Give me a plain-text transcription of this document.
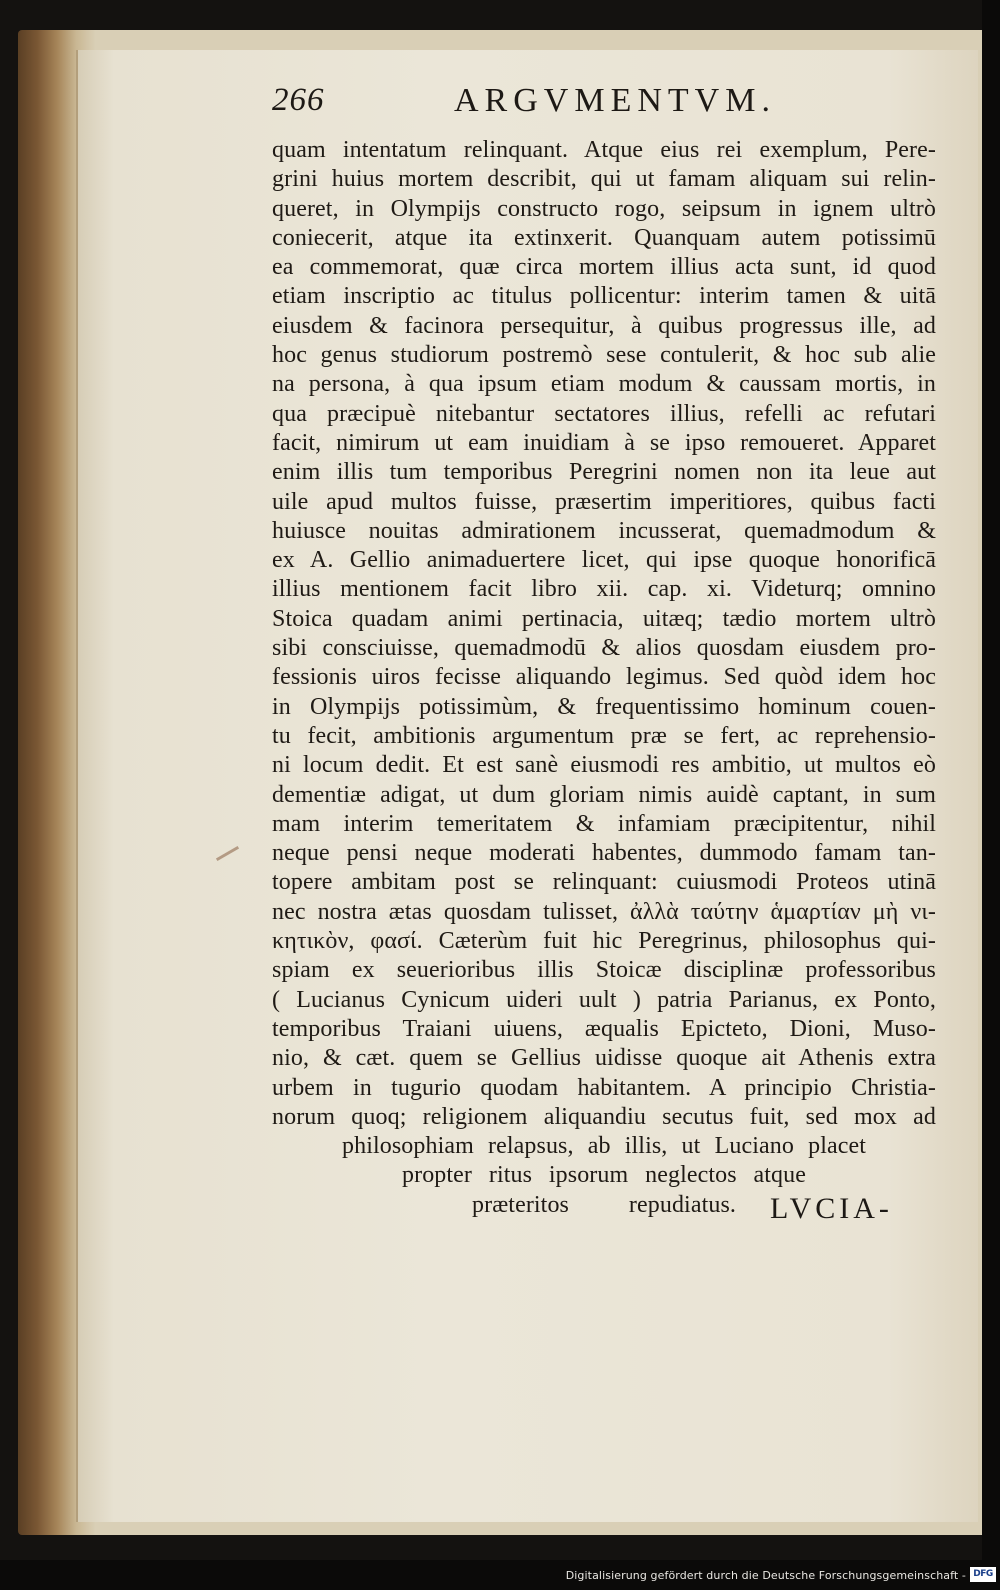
266	ARGVMENTVM.
quam intentatum relinquant. Atque eius rei exemplum, Pere-
grini huius mortem describit, qui ut famam aliquam sui relin-
queret, in Olympijs constructo rogo, seipsum in ignem ultrò
coniecerit, atque ita extinxerit. Quanquam autem potissimū
ea commemorat, quæ circa mortem illius acta sunt, id quod
etiam inscriptio ac titulus pollicentur: interim tamen & uitā
eiusdem & facinora persequitur, à quibus progressus ille, ad
hoc genus studiorum postremò sese contulerit, & hoc sub alie
na persona, à qua ipsum etiam modum & caussam mortis, in
qua præcipuè nitebantur sectatores illius, refelli ac refutari
facit, nimirum ut eam inuidiam à se ipso remoueret. Apparet
enim illis tum temporibus Peregrini nomen non ita leue aut
uile apud multos fuisse, præsertim imperitiores, quibus facti
huiusce nouitas admirationem incusserat, quemadmodum &
ex A. Gellio animaduertere licet, qui ipse quoque honorificā
illius mentionem facit libro xii. cap. xi. Videturq; omnino
Stoica quadam animi pertinacia, uitæq; tædio mortem ultrò
sibi consciuisse, quemadmodū & alios quosdam eiusdem pro-
fessionis uiros fecisse aliquando legimus. Sed quòd idem hoc
in Olympijs potissimùm, & frequentissimo hominum couen-
tu fecit, ambitionis argumentum præ se fert, ac reprehensio-
ni locum dedit. Et est sanè eiusmodi res ambitio, ut multos eò
dementiæ adigat, ut dum gloriam nimis auidè captant, in sum
mam interim temeritatem & infamiam præcipitentur, nihil
neque pensi neque moderati habentes, dummodo famam tan-
topere ambitam post se relinquant: cuiusmodi Proteos utinā
nec nostra ætas quosdam tulisset, ἀλλὰ ταύτην ἁμαρτίαν μὴ νι-
κητικὸν, φασί. Cæterùm fuit hic Peregrinus, philosophus qui-
spiam ex seuerioribus illis Stoicæ disciplinæ professoribus
( Lucianus Cynicum uideri uult ) patria Parianus, ex Ponto,
temporibus Traiani uiuens, æqualis Epicteto, Dioni, Muso-
nio, & cæt. quem se Gellius uidisse quoque ait Athenis extra
urbem in tugurio quodam habitantem. A principio Christia-
norum quoq; religionem aliquandiu secutus fuit, sed mox ad
philosophiam relapsus, ab illis, ut Luciano placet
propter ritus ipsorum neglectos atque
præteritos repudiatus.	LVCIA-
Digitalisierung gefördert durch die Deutsche Forschungsgemeinschaft - DFG
